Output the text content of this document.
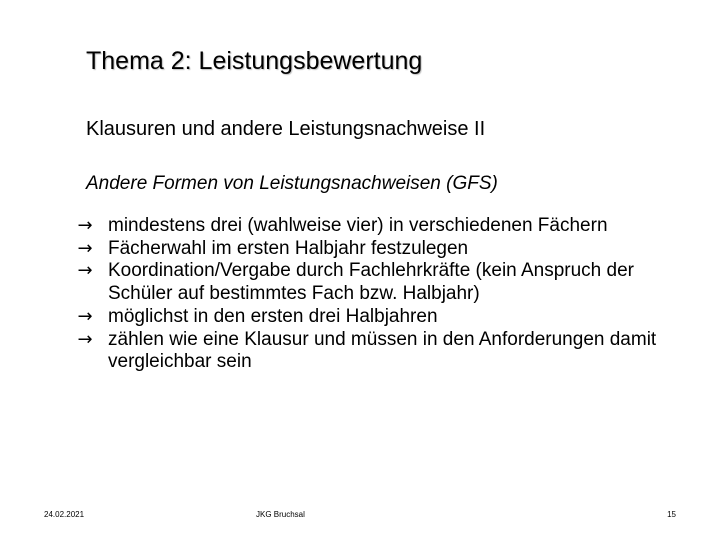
Thema 2: Leistungsbewertung
Klausuren und andere Leistungsnachweise II
Andere Formen von Leistungsnachweisen (GFS)
→ mindestens drei (wahlweise vier) in verschiedenen Fächern
→ Fächerwahl im ersten Halbjahr festzulegen
→ Koordination/Vergabe durch Fachlehrkräfte (kein Anspruch der Schüler auf bestimmtes Fach bzw. Halbjahr)
→ möglichst in den ersten drei Halbjahren
→ zählen wie eine Klausur und müssen in den Anforderungen damit vergleichbar sein
24.02.2021	JKG Bruchsal	15
